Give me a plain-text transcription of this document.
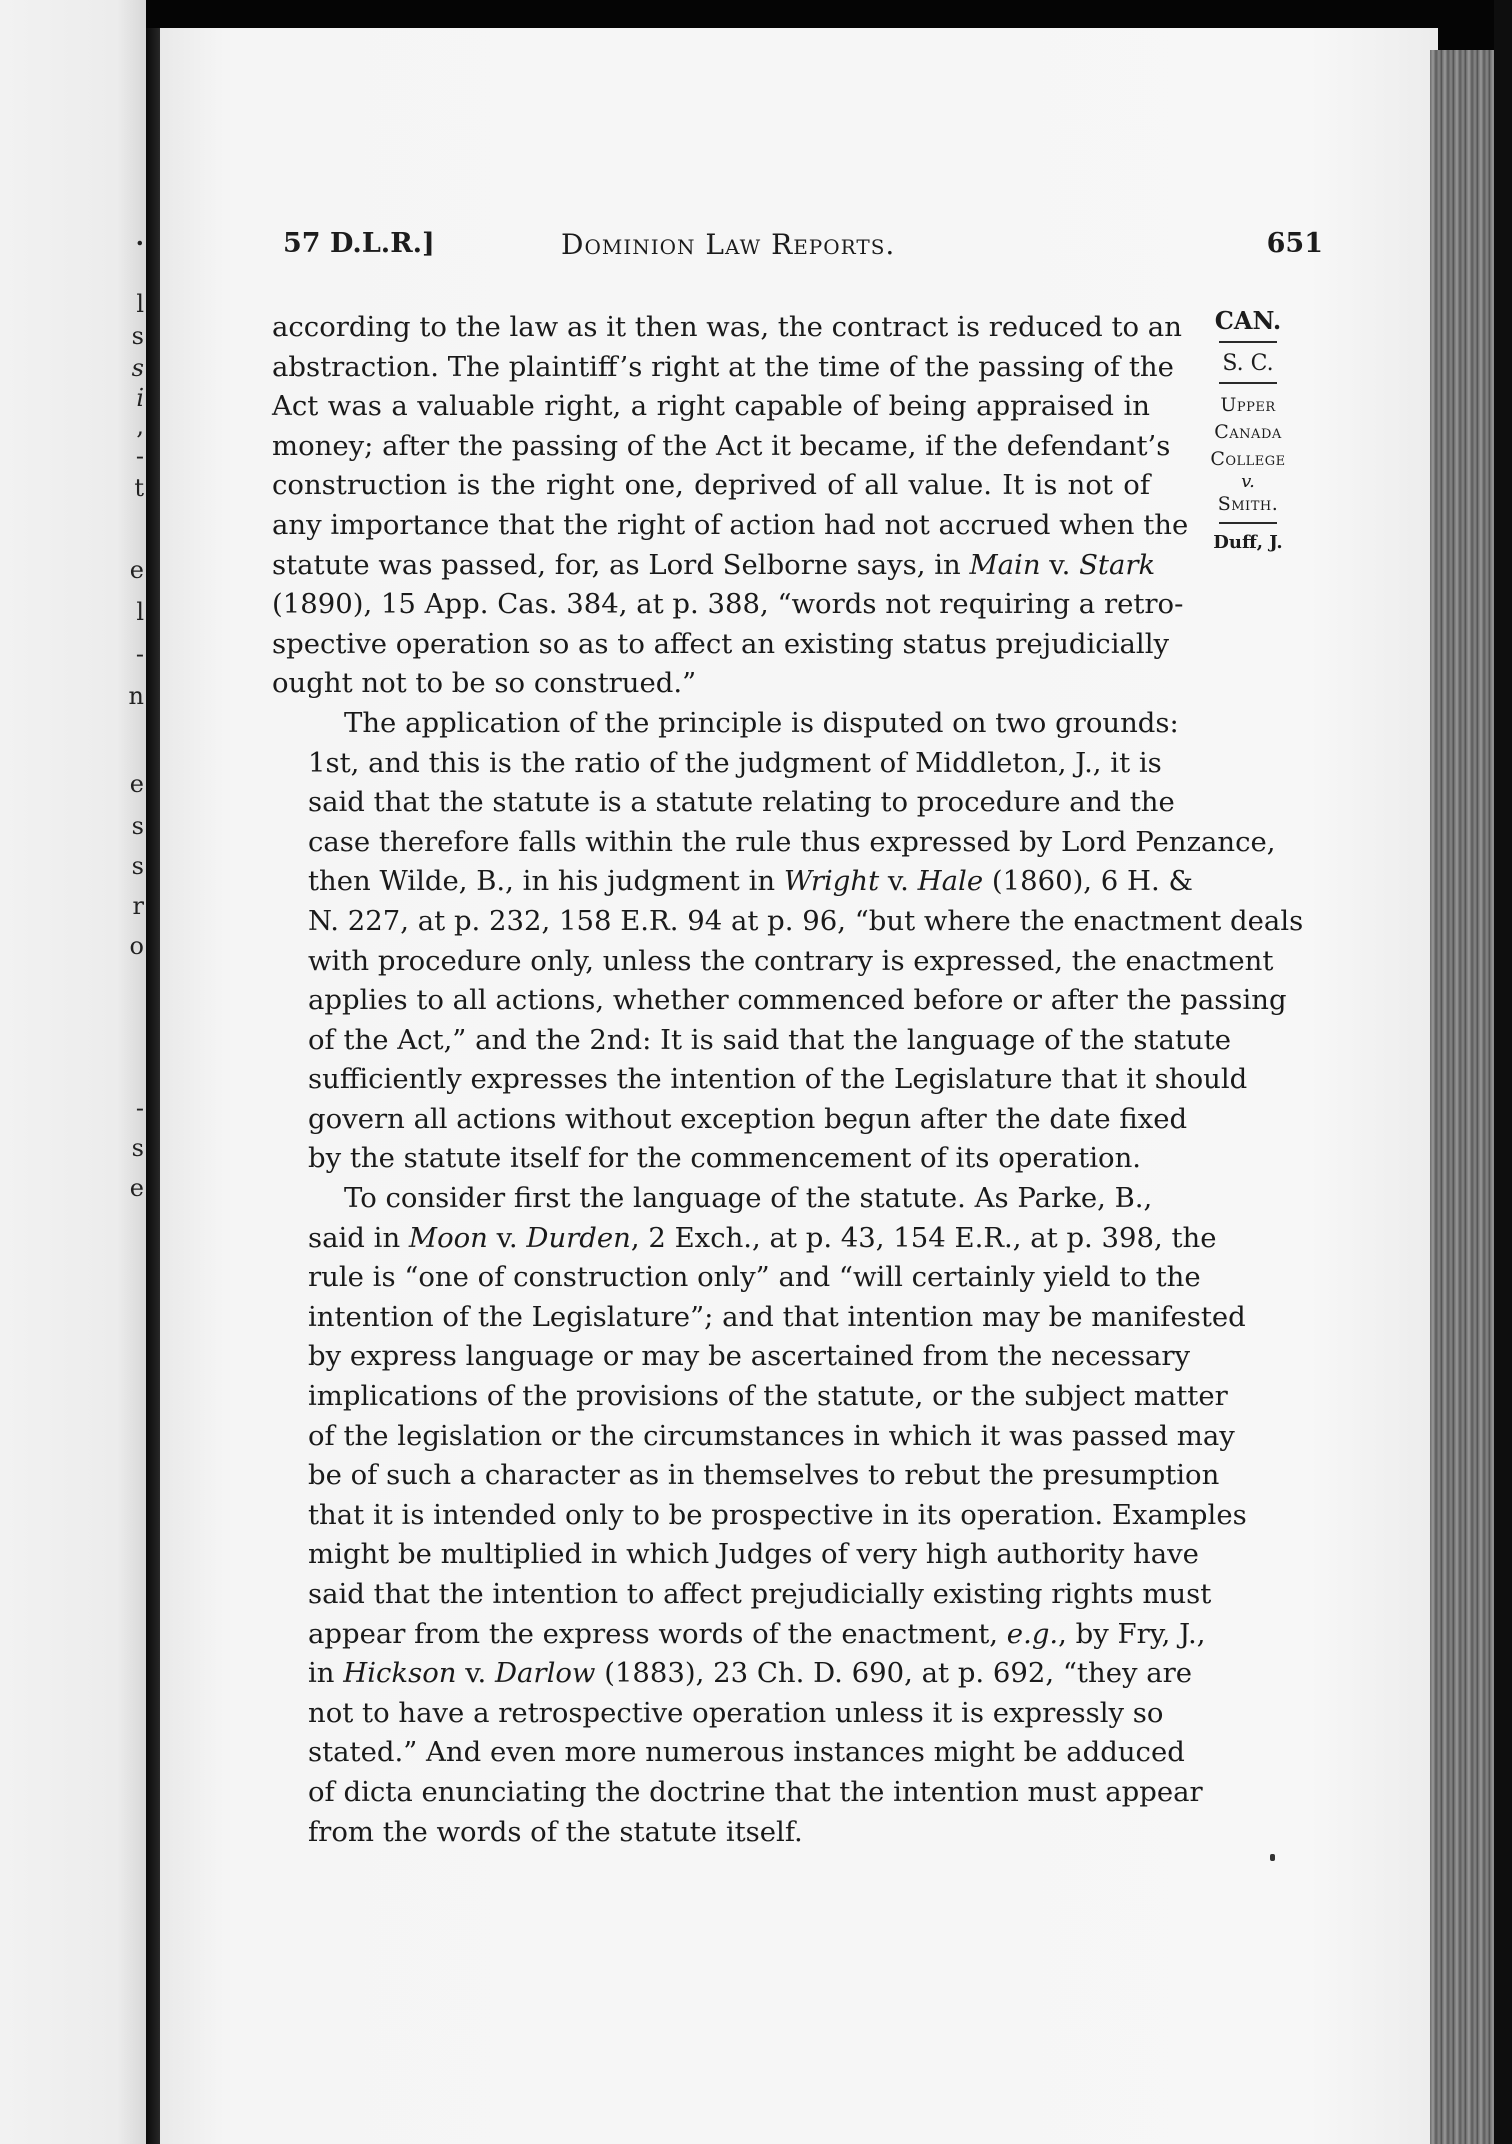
.
l
s
s
i
,
-
t
e
l
-
n
e
s
s
r
o
-
s
e
57 D.L.R.]	Dominion Law Reports.	651
according to the law as it then was, the contract is reduced to an
abstraction. The plaintiff’s right at the time of the passing of the
Act was a valuable right, a right capable of being appraised in
money; after the passing of the Act it became, if the defendant’s
construction is the right one, deprived of all value. It is not of
any importance that the right of action had not accrued when the
statute was passed, for, as Lord Selborne says, in Main v. Stark
(1890), 15 App. Cas. 384, at p. 388, “words not requiring a retro-
spective operation so as to affect an existing status prejudicially
ought not to be so construed.”
The application of the principle is disputed on two grounds:
1st, and this is the ratio of the judgment of Middleton, J., it is
said that the statute is a statute relating to procedure and the
case therefore falls within the rule thus expressed by Lord Penzance,
then Wilde, B., in his judgment in Wright v. Hale (1860), 6 H. &
N. 227, at p. 232, 158 E.R. 94 at p. 96, “but where the enactment deals
with procedure only, unless the contrary is expressed, the enactment
applies to all actions, whether commenced before or after the passing
of the Act,” and the 2nd: It is said that the language of the statute
sufficiently expresses the intention of the Legislature that it should
govern all actions without exception begun after the date fixed
by the statute itself for the commencement of its operation.
To consider first the language of the statute. As Parke, B.,
said in Moon v. Durden, 2 Exch., at p. 43, 154 E.R., at p. 398, the
rule is “one of construction only” and “will certainly yield to the
intention of the Legislature”; and that intention may be manifested
by express language or may be ascertained from the necessary
implications of the provisions of the statute, or the subject matter
of the legislation or the circumstances in which it was passed may
be of such a character as in themselves to rebut the presumption
that it is intended only to be prospective in its operation. Examples
might be multiplied in which Judges of very high authority have
said that the intention to affect prejudicially existing rights must
appear from the express words of the enactment, e.g., by Fry, J.,
in Hickson v. Darlow (1883), 23 Ch. D. 690, at p. 692, “they are
not to have a retrospective operation unless it is expressly so
stated.” And even more numerous instances might be adduced
of dicta enunciating the doctrine that the intention must appear
from the words of the statute itself.
CAN.
S. C.
Upper
Canada
College
v.
Smith.
Duff, J.
